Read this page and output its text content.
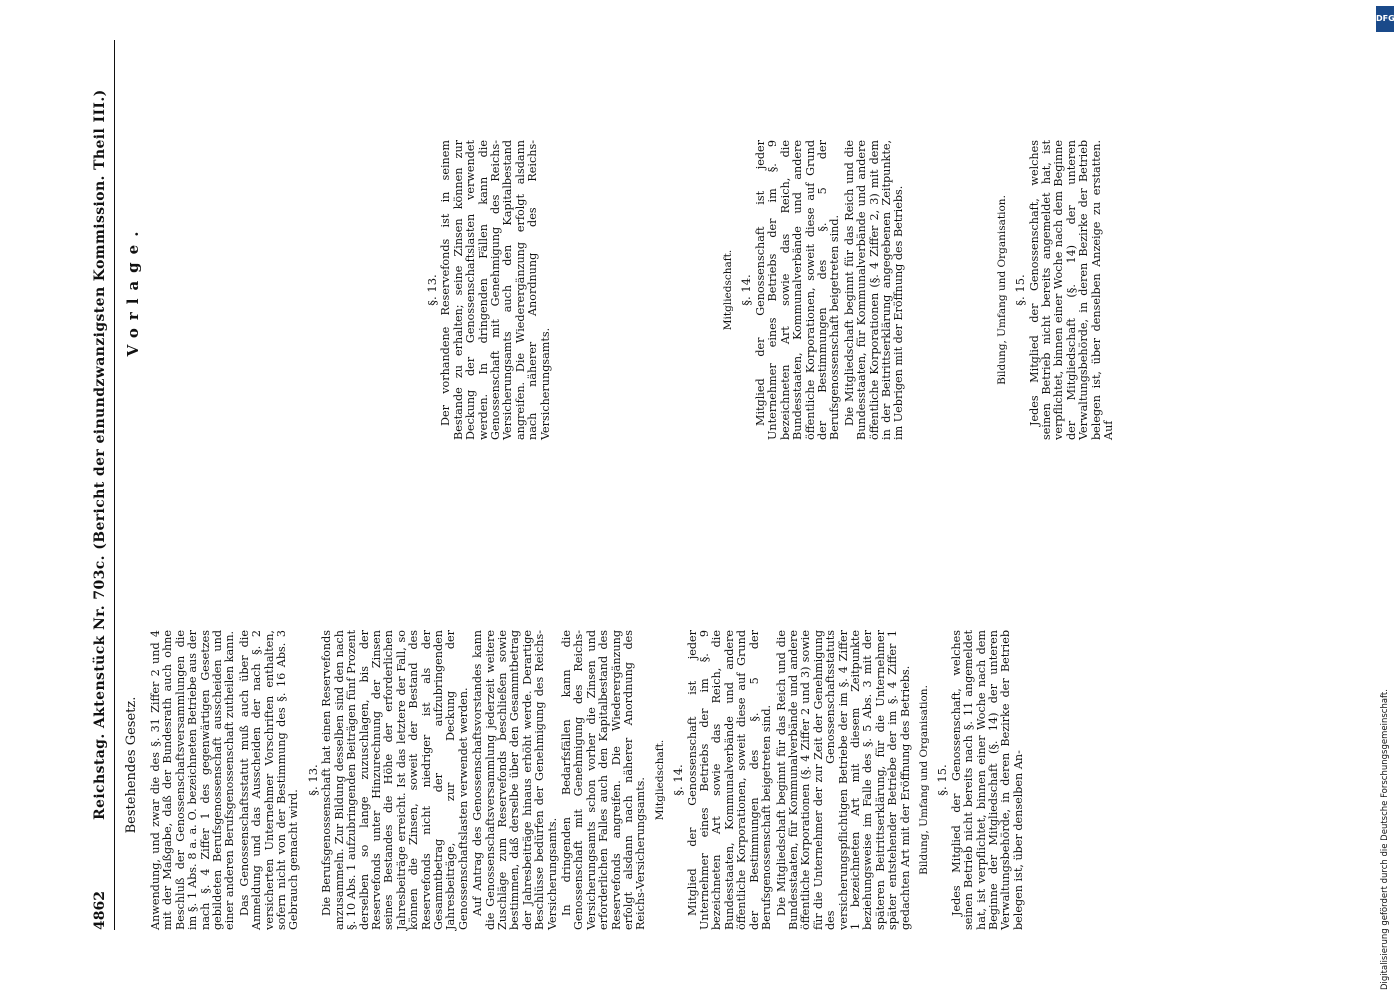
4862
Reichstag. Aktenstück Nr. 703c. (Bericht der einundzwanzigsten Kommission. Theil III.)	Bestehendes Gesetz.
Vorlage.

Anwendung, und zwar die des §. 31 Ziffer 2 und 4 mit der Maßgabe, daß der Bundesrath auch ohne Beschluß der Genossenschaftsversammlungen die im §. 1 Abs. 8 a. a. O. bezeichneten Betriebe aus der nach §. 4 Ziffer 1 des gegenwärtigen Gesetzes gebildeten Berufsgenossenschaft ausscheiden und einer anderen Berufsgenossenschaft zutheilen kann. Das Genossenschaftsstatut muß auch über die Anmeldung und das Ausscheiden der nach §. 2 versicherten Unternehmer Vorschriften enthalten, sofern nicht von der Bestimmung des §. 16 Abs. 3 Gebrauch gemacht wird.

§. 13. Die Berufsgenossenschaft hat einen Reservefonds anzusammeln. Zur Bildung desselben sind den nach §. 10 Abs. 1 aufzubringenden Beiträgen fünf Prozent derselben so lange zuzuschlagen, bis der Reservefonds unter Hinzurechnung der Zinsen seines Bestandes die Höhe der erforderlichen Jahresbeiträge erreicht. Ist das letztere der Fall, so können die Zinsen, soweit der Bestand des Reservefonds nicht niedriger ist als der Gesammtbetrag der aufzubringenden Jahresbeiträge, zur Deckung der Genossenschaftslasten verwendet werden. Auf Antrag des Genossenschaftsvorstandes kann die Genossenschaftsversammlung jederzeit weitere Zuschläge zum Reservefonds beschließen sowie bestimmen, daß derselbe über den Gesammtbetrag der Jahresbeiträge hinaus erhöht werde. Derartige Beschlüsse bedürfen der Genehmigung des Reichs-Versicherungsamts. In dringenden Bedarfsfällen kann die Genossenschaft mit Genehmigung des Reichs-Versicherungsamts schon vorher die Zinsen und erforderlichen Falles auch den Kapitalbestand des Reservefonds angreifen. Die Wiederergänzung erfolgt alsdann nach näherer Anordnung des Reichs-Versicherungsamts. Mitgliedschaft. §. 14. Mitglied der Genossenschaft ist jeder Unternehmer eines Betriebs der im §. 9 bezeichneten Art sowie das Reich, die Bundesstaaten, Kommunalverbände und andere öffentliche Korporationen, soweit diese auf Grund der Bestimmungen des §. 5 der Berufsgenossenschaft beigetreten sind. Die Mitgliedschaft beginnt für das Reich und die Bundesstaaten, für Kommunalverbände und andere öffentliche Korporationen (§. 4 Ziffer 2 und 3) sowie für die Unternehmer der zur Zeit der Genehmigung des Genossenschaftsstatuts versicherungspflichtigen Betriebe der im §. 4 Ziffer 1 bezeichneten Art mit diesem Zeitpunkte beziehungsweise im Falle des §. 5 Abs. 3 mit der späteren Beitrittserklärung, für die Unternehmer später entstehender Betriebe der im §. 4 Ziffer 1 gedachten Art mit der Eröffnung des Betriebs. Bildung, Umfang und Organisation. §. 15. Jedes Mitglied der Genossenschaft, welches seinen Betrieb nicht bereits nach §. 11 angemeldet hat, ist verpflichtet, binnen einer Woche nach dem Beginne der Mitgliedschaft (§. 14) der unteren Verwaltungsbehörde, in deren Bezirke der Betrieb belegen ist, über denselben An-

§. 13. Der vorhandene Reservefonds ist in seinem Bestande zu erhalten; seine Zinsen können zur Deckung der Genossenschaftslasten verwendet werden. In dringenden Fällen kann die Genossenschaft mit Genehmigung des Reichs-Versicherungsamts auch den Kapitalbestand angreifen. Die Wiederergänzung erfolgt alsdann nach näherer Anordnung des Reichs-Versicherungsamts.

Mitgliedschaft. §. 14. Mitglied der Genossenschaft ist jeder Unternehmer eines Betriebs der im §. 9 bezeichneten Art sowie das Reich, die Bundesstaaten, Kommunalverbände und andere öffentliche Korporationen, soweit diese auf Grund der Bestimmungen des §. 5 der Berufsgenossenschaft beigetreten sind. Die Mitgliedschaft beginnt für das Reich und die Bundesstaaten, für Kommunalverbände und andere öffentliche Korporationen (§. 4 Ziffer 2, 3) mit dem in der Beitrittserklärung angegebenen Zeitpunkte, im Uebrigen mit der Eröffnung des Betriebs.	Bildung, Umfang und Organisation. §. 15. Jedes Mitglied der Genossenschaft, welches seinen Betrieb nicht bereits angemeldet hat, ist verpflichtet, binnen einer Woche nach dem Beginne der Mitgliedschaft (§. 14) der unteren Verwaltungsbehörde, in deren Bezirke der Betrieb belegen ist, über denselben Anzeige zu erstatten. Auf

DFG
Digitalisierung gefördert durch die Deutsche Forschungsgemeinschaft.
